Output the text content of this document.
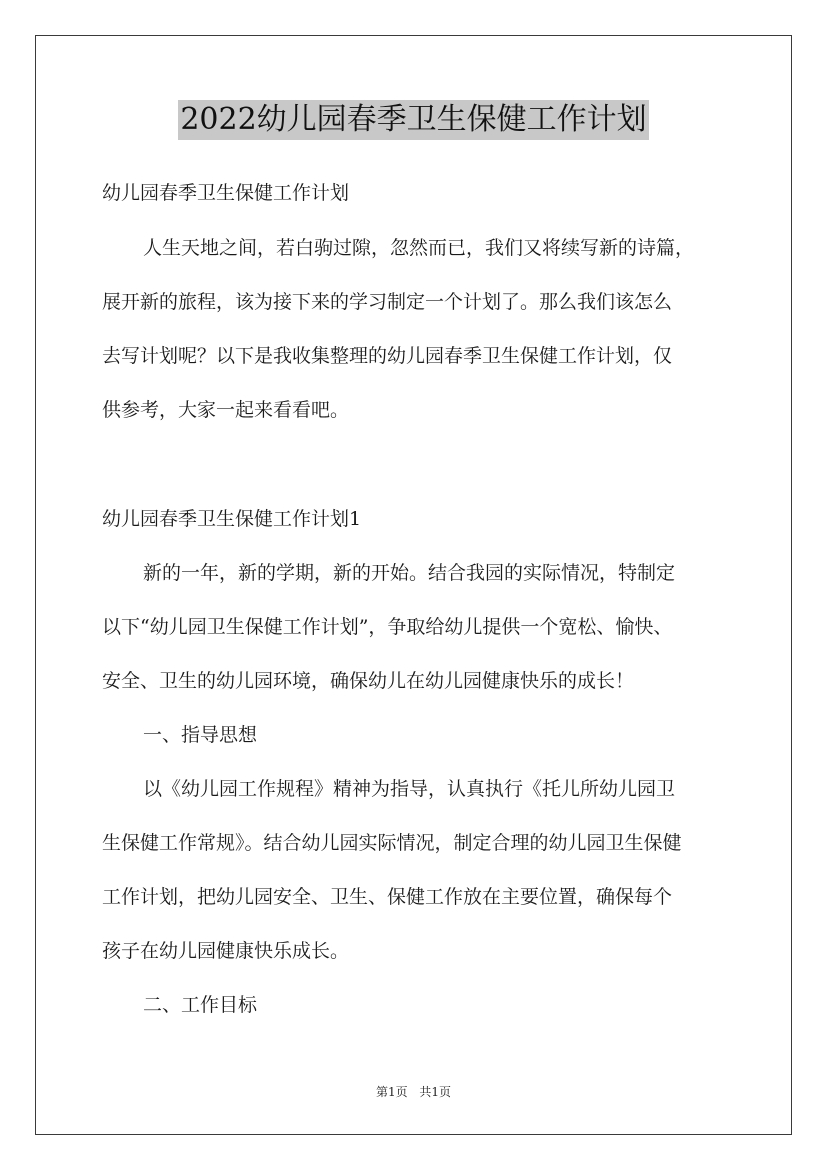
2022幼儿园春季卫生保健工作计划
幼儿园春季卫生保健工作计划
人生天地之间，若白驹过隙，忽然而已，我们又将续写新的诗篇，
展开新的旅程，该为接下来的学习制定一个计划了。那么我们该怎么
去写计划呢？以下是我收集整理的幼儿园春季卫生保健工作计划，仅
供参考，大家一起来看看吧。
幼儿园春季卫生保健工作计划1
新的一年，新的学期，新的开始。结合我园的实际情况，特制定
以下“幼儿园卫生保健工作计划”，争取给幼儿提供一个宽松、愉快、
安全、卫生的幼儿园环境，确保幼儿在幼儿园健康快乐的成长！
一、指导思想
以《幼儿园工作规程》精神为指导，认真执行《托儿所幼儿园卫
生保健工作常规》。结合幼儿园实际情况，制定合理的幼儿园卫生保健
工作计划，把幼儿园安全、卫生、保健工作放在主要位置，确保每个
孩子在幼儿园健康快乐成长。
二、工作目标
第1页 共1页
